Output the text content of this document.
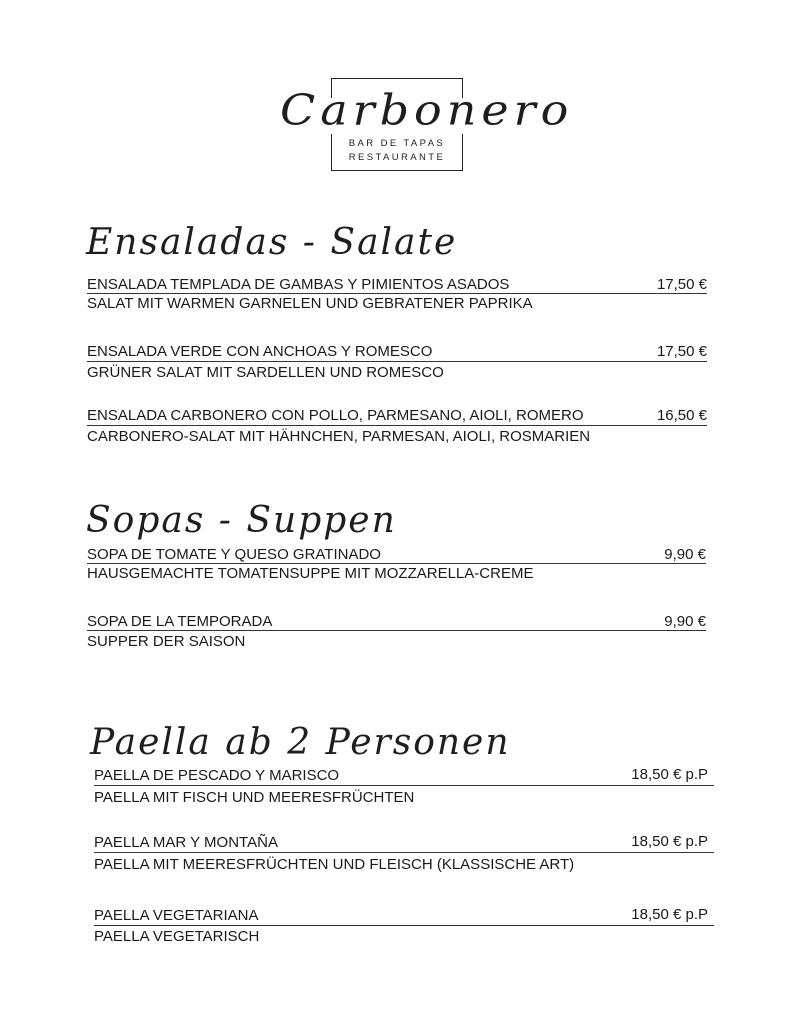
Carbonero
BAR DE TAPAS
RESTAURANTE
Ensaladas - Salate
ENSALADA TEMPLADA DE GAMBAS Y PIMIENTOS ASADOS	17,50 €
SALAT MIT WARMEN GARNELEN UND GEBRATENER PAPRIKA
ENSALADA VERDE CON ANCHOAS Y ROMESCO	17,50 €
GRÜNER SALAT MIT SARDELLEN UND ROMESCO
ENSALADA CARBONERO CON POLLO, PARMESANO, AIOLI, ROMERO	16,50 €
CARBONERO-SALAT MIT HÄHNCHEN, PARMESAN, AIOLI, ROSMARIEN
Sopas - Suppen
SOPA DE TOMATE Y QUESO GRATINADO	9,90 €
HAUSGEMACHTE TOMATENSUPPE MIT MOZZARELLA-CREME
SOPA DE LA TEMPORADA	9,90 €
SUPPER DER SAISON
Paella ab 2 Personen
PAELLA DE PESCADO Y MARISCO	18,50 € p.P
PAELLA MIT FISCH UND MEERESFRÜCHTEN
PAELLA MAR Y MONTAÑA	18,50 € p.P
PAELLA MIT MEERESFRÜCHTEN UND FLEISCH (KLASSISCHE ART)
PAELLA VEGETARIANA	18,50 € p.P
PAELLA VEGETARISCH
